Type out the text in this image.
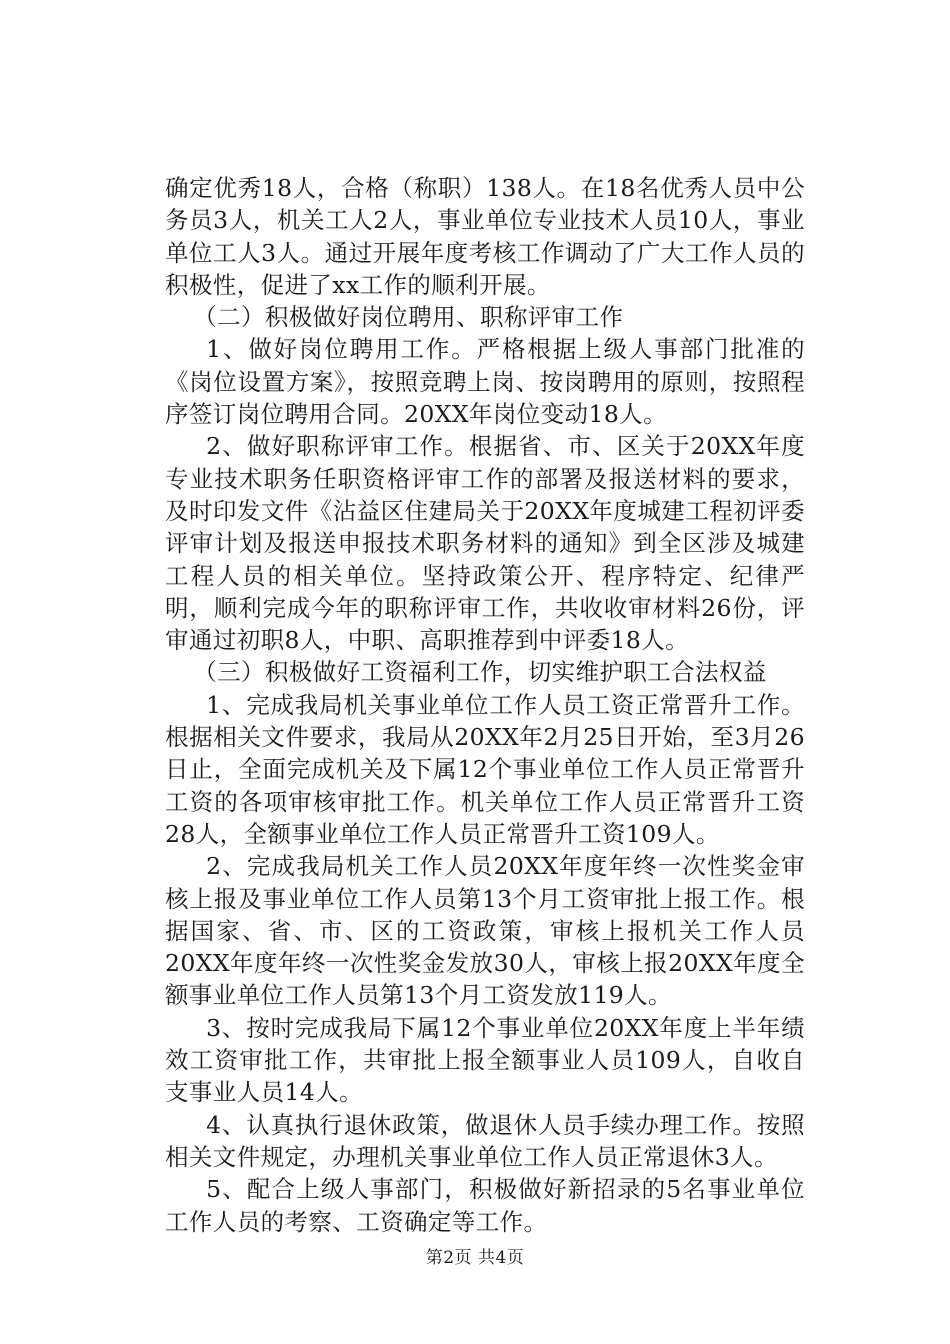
确定优秀18人，合格（称职）138人。在18名优秀人员中公务员3人，机关工人2人，事业单位专业技术人员10人，事业单位工人3人。通过开展年度考核工作调动了广大工作人员的积极性，促进了xx工作的顺利开展。

（二）积极做好岗位聘用、职称评审工作

1、做好岗位聘用工作。严格根据上级人事部门批准的《岗位设置方案》，按照竞聘上岗、按岗聘用的原则，按照程序签订岗位聘用合同。20XX年岗位变动18人。

2、做好职称评审工作。根据省、市、区关于20XX年度专业技术职务任职资格评审工作的部署及报送材料的要求，及时印发文件《沾益区住建局关于20XX年度城建工程初评委评审计划及报送申报技术职务材料的通知》到全区涉及城建工程人员的相关单位。坚持政策公开、程序特定、纪律严明，顺利完成今年的职称评审工作，共收收审材料26份，评审通过初职8人，中职、高职推荐到中评委18人。

（三）积极做好工资福利工作，切实维护职工合法权益

1、完成我局机关事业单位工作人员工资正常晋升工作。根据相关文件要求，我局从20XX年2月25日开始，至3月26日止，全面完成机关及下属12个事业单位工作人员正常晋升工资的各项审核审批工作。机关单位工作人员正常晋升工资28人，全额事业单位工作人员正常晋升工资109人。

2、完成我局机关工作人员20XX年度年终一次性奖金审核上报及事业单位工作人员第13个月工资审批上报工作。根据国家、省、市、区的工资政策，审核上报机关工作人员20XX年度年终一次性奖金发放30人，审核上报20XX年度全额事业单位工作人员第13个月工资发放119人。

3、按时完成我局下属12个事业单位20XX年度上半年绩效工资审批工作，共审批上报全额事业人员109人，自收自支事业人员14人。

4、认真执行退休政策，做退休人员手续办理工作。按照相关文件规定，办理机关事业单位工作人员正常退休3人。

5、配合上级人事部门，积极做好新招录的5名事业单位工作人员的考察、工资确定等工作。

第2页 共4页
